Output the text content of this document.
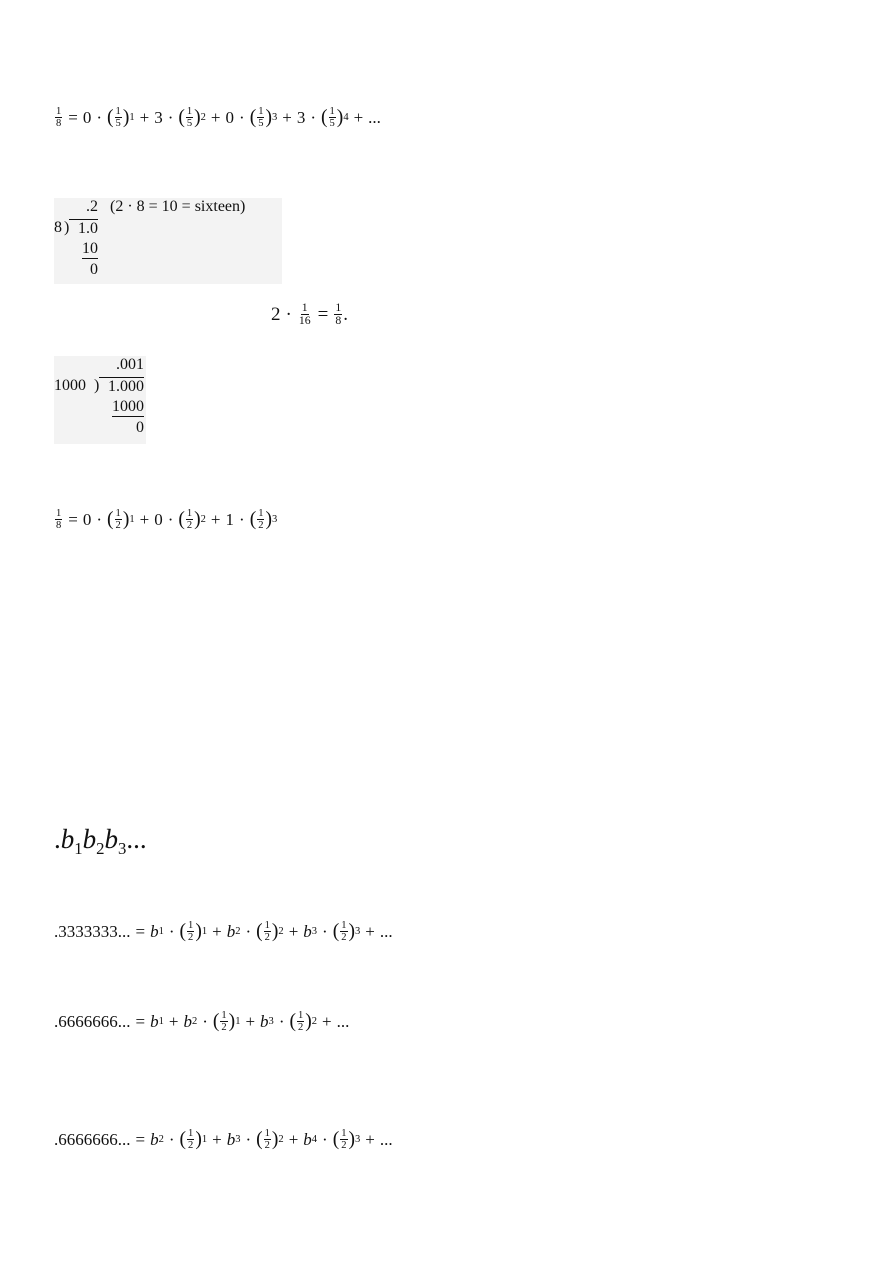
$\frac{1}{8} = 0$ · ( $\frac{1}{5}$ ) 1 + 3 · ( $\frac{1}{5}$ ) 2 + 0 · ( $\frac{1}{5}$ ) 3 + 3 · ( $\frac{1}{5}$ ) 4 + ...
.2
8 ) 1.0
10
0
(2 · 8 = 10 = sixteen)
$2 \cdot \frac{1}{16} = \frac{1}{8}$ .
.001
1000 ) 1.000
1000
0
$\frac{1}{8} = 0$ · ( $\frac{1}{2}$ ) 1 + 0 · ( $\frac{1}{2}$ ) 2 + 1 · ( $\frac{1}{2}$ ) 3
$.b_1b_2b_3$...
.3333333... = b 1 · ( $\frac{1}{2}$ ) 1 + b 2 · ( $\frac{1}{2}$ ) 2 + b 3 · ( $\frac{1}{2}$ ) 3 + ...
.6666666... = b 1 + b 2 · ( $\frac{1}{2}$ ) 1 + b 3 · ( $\frac{1}{2}$ ) 2 + ...
.6666666... = b 2 · ( $\frac{1}{2}$ ) 1 + b 3 · ( $\frac{1}{2}$ ) 2 + b 4 · ( $\frac{1}{2}$ ) 3 + ...
